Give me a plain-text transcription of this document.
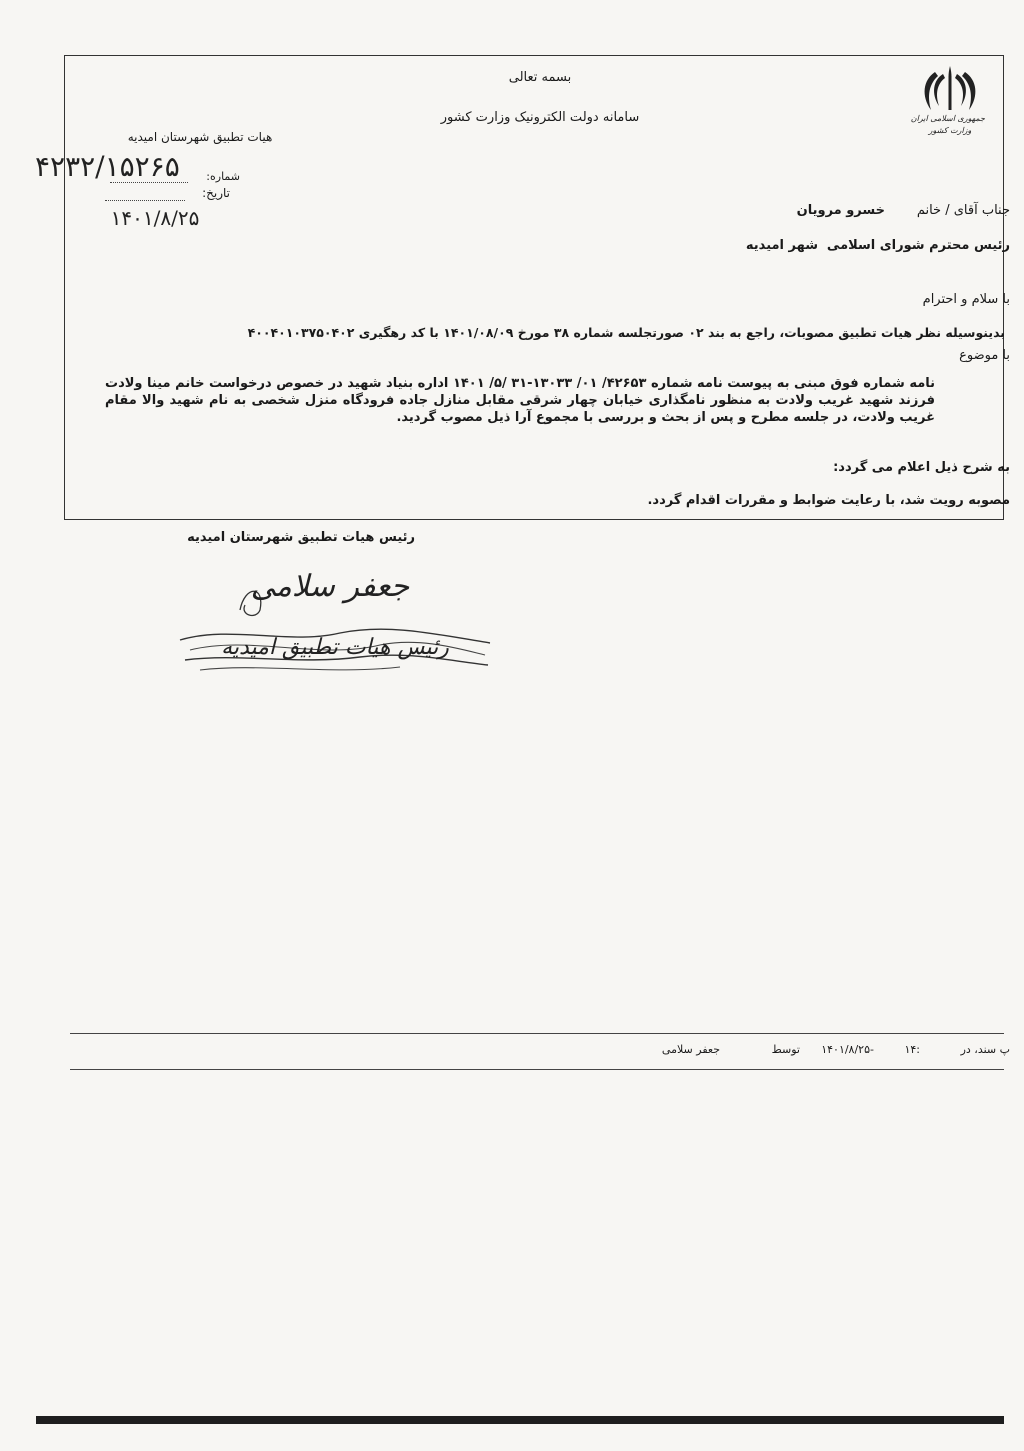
جمهوری اسلامی ایران
وزارت کشور
بسمه تعالی
سامانه دولت الکترونیک وزارت کشور
هیات تطبیق شهرستان امیدیه
۴۲۳۲/۱۵۲۶۵	شماره:
تاریخ:
۱۴۰۱/۸/۲۵	جناب آقای / خانم
خسرو مرویان
رئیس محترم شورای اسلامی
شهر امیدیه
با سلام و احترام
بدینوسیله نظر هیات تطبیق مصوبات، راجع به بند ۰۲ صورتجلسه شماره ۳۸ مورخ ۱۴۰۱/۰۸/۰۹ با کد رهگیری ۴۰۰۴۰۱۰۳۷۵۰۴۰۲
با موضوع
نامه شماره فوق مبنی به پیوست نامه شماره ۴۲۶۵۳/ ۰۱/ ۱۳۰۳۳-۳۱ /۵/ ۱۴۰۱ اداره بنیاد شهید در خصوص درخواست خانم مینا ولادت فرزند شهید غریب ولادت به منظور نامگذاری خیابان چهار شرقی مقابل منازل جاده فرودگاه منزل شخصی به نام شهید والا مقام غریب ولادت، در جلسه مطرح و پس از بحث و بررسی با مجموع آرا ذیل مصوب گردید.
به شرح ذیل اعلام می گردد:
مصوبه رویت شد، با رعایت ضوابط و مقررات اقدام گردد.
رئیس هیات تطبیق شهرستان امیدیه
جعفر سلامی
رئیس هیات تطبیق امیدیه
پ سند، در
۱۴:
-
۱۴۰۱/۸/۲۵
توسط
جعفر سلامی
